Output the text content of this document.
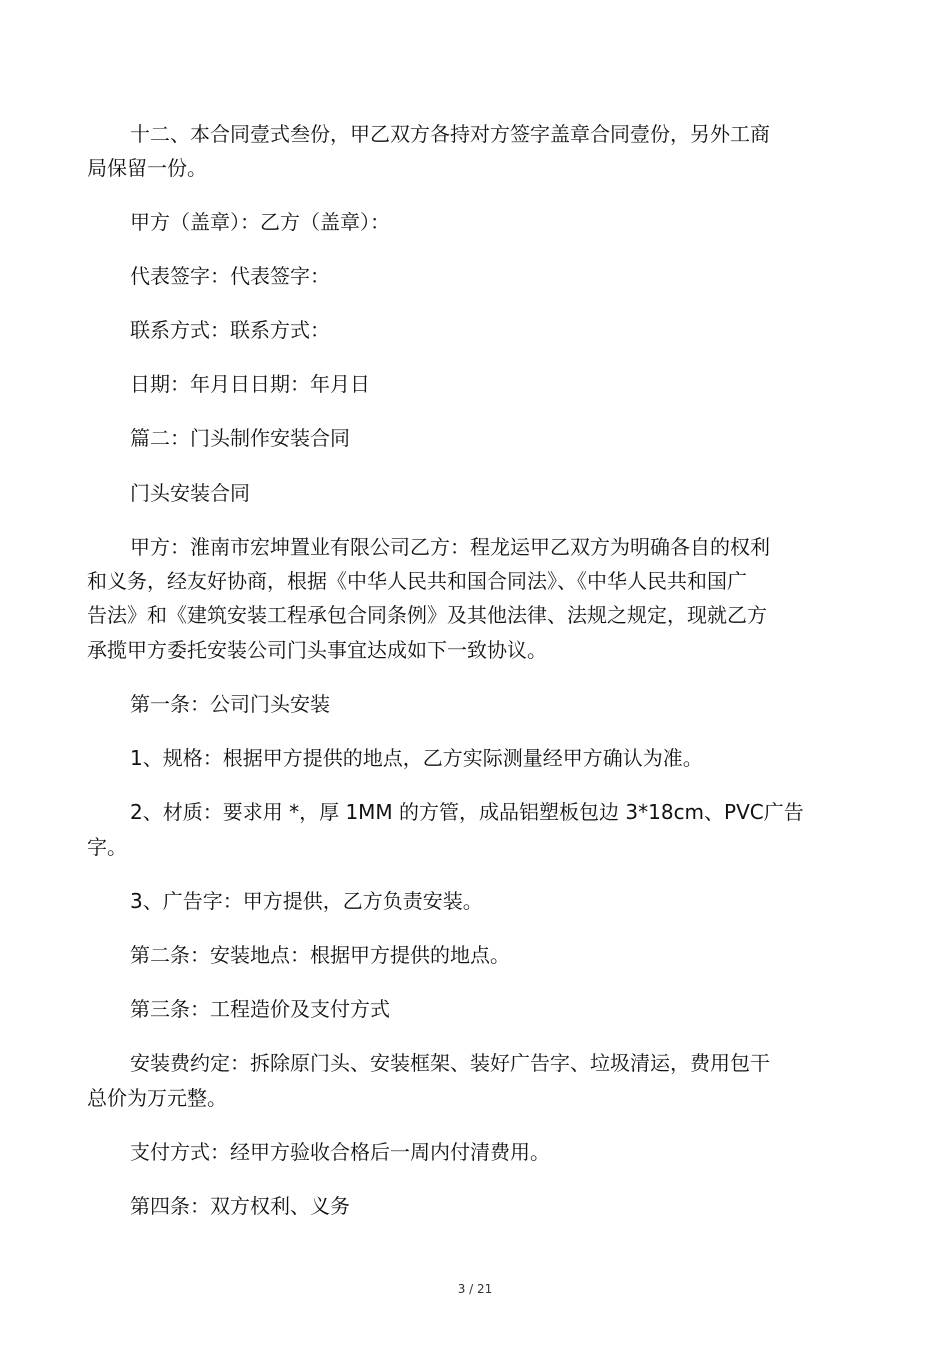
十二、本合同壹式叁份，甲乙双方各持对方签字盖章合同壹份，另外工商
局保留一份。
甲方（盖章）：乙方（盖章）：
代表签字：代表签字：
联系方式：联系方式：
日期：年月日日期：年月日
篇二：门头制作安装合同
门头安装合同
甲方：淮南市宏坤置业有限公司乙方：程龙运甲乙双方为明确各自的权利
和义务，经友好协商，根据《中华人民共和国合同法》、《中华人民共和国广
告法》和《建筑安装工程承包合同条例》及其他法律、法规之规定，现就乙方
承揽甲方委托安装公司门头事宜达成如下一致协议。
第一条：公司门头安装
1、规格：根据甲方提供的地点，乙方实际测量经甲方确认为准。
2、材质：要求用 *，厚 1MM 的方管，成品铝塑板包边 3*18cm、PVC广告
字。
3、广告字：甲方提供，乙方负责安装。
第二条：安装地点：根据甲方提供的地点。
第三条：工程造价及支付方式
安装费约定：拆除原门头、安装框架、装好广告字、垃圾清运，费用包干
总价为万元整。
支付方式：经甲方验收合格后一周内付清费用。
第四条：双方权利、义务
3 / 21
